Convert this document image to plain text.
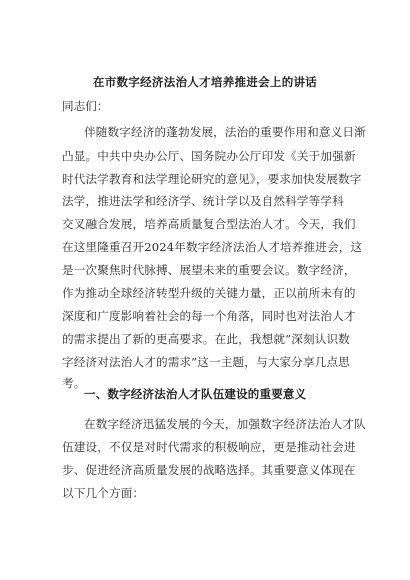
在市数字经济法治人才培养推进会上的讲话
同志们：
伴随数字经济的蓬勃发展，法治的重要作用和意义日渐
凸显。中共中央办公厅、国务院办公厅印发《关于加强新
时代法学教育和法学理论研究的意见》，要求加快发展数字
法学，推进法学和经济学、统计学以及自然科学等学科
交叉融合发展，培养高质量复合型法治人才。今天，我们
在这里隆重召开2024年数字经济法治人才培养推进会，这
是一次聚焦时代脉搏、展望未来的重要会议。数字经济，
作为推动全球经济转型升级的关键力量，正以前所未有的
深度和广度影响着社会的每一个角落，同时也对法治人才
的需求提出了新的更高要求。在此，我想就“深刻认识数
字经济对法治人才的需求”这一主题，与大家分享几点思
考。
一、数字经济法治人才队伍建设的重要意义
在数字经济迅猛发展的今天，加强数字经济法治人才队
伍建设，不仅是对时代需求的积极响应，更是推动社会进
步、促进经济高质量发展的战略选择。其重要意义体现在
以下几个方面：
